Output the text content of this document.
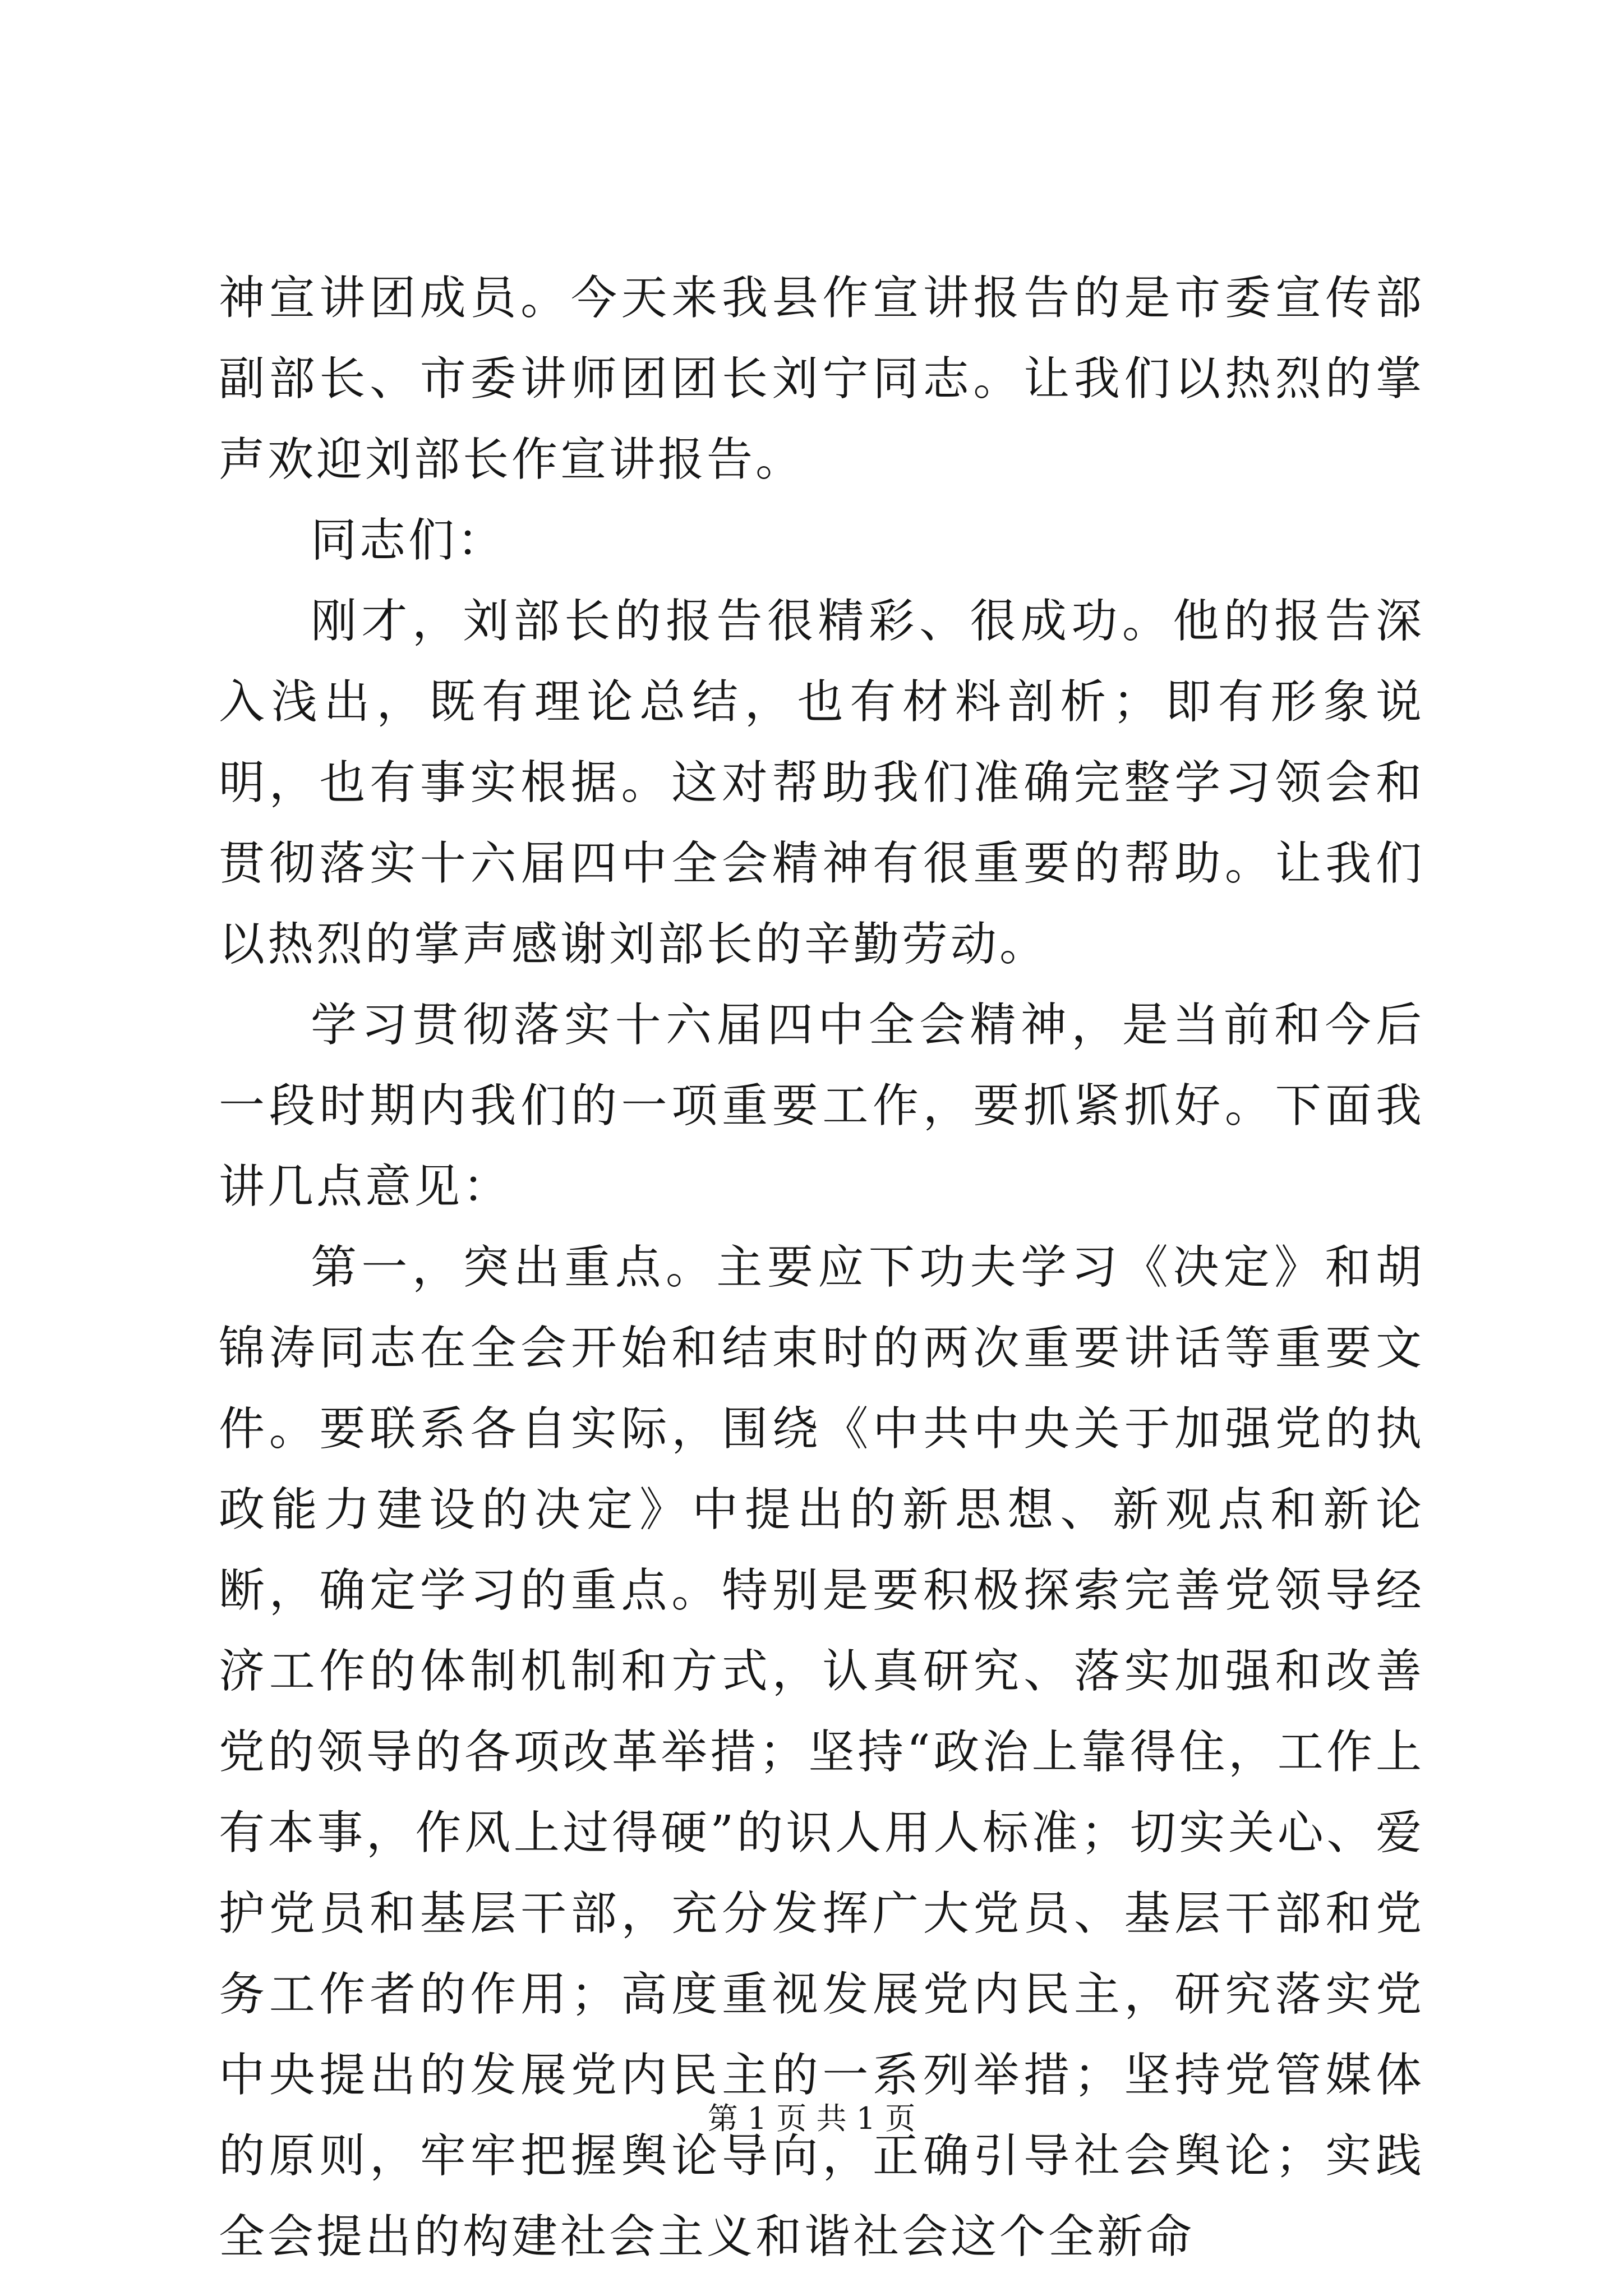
神宣讲团成员。今天来我县作宣讲报告的是市委宣传部副部长、市委讲师团团长刘宁同志。让我们以热烈的掌声欢迎刘部长作宣讲报告。

同志们：

刚才，刘部长的报告很精彩、很成功。他的报告深入浅出，既有理论总结，也有材料剖析；即有形象说明，也有事实根据。这对帮助我们准确完整学习领会和贯彻落实十六届四中全会精神有很重要的帮助。让我们以热烈的掌声感谢刘部长的辛勤劳动。

学习贯彻落实十六届四中全会精神，是当前和今后一段时期内我们的一项重要工作，要抓紧抓好。下面我讲几点意见：

第一，突出重点。主要应下功夫学习《决定》和胡锦涛同志在全会开始和结束时的两次重要讲话等重要文件。要联系各自实际，围绕《中共中央关于加强党的执政能力建设的决定》中提出的新思想、新观点和新论断，确定学习的重点。特别是要积极探索完善党领导经济工作的体制机制和方式，认真研究、落实加强和改善党的领导的各项改革举措；坚持“政治上靠得住，工作上有本事，作风上过得硬”的识人用人标准；切实关心、爱护党员和基层干部，充分发挥广大党员、基层干部和党务工作者的作用；高度重视发展党内民主，研究落实党中央提出的发展党内民主的一系列举措；坚持党管媒体的原则，牢牢把握舆论导向，正确引导社会舆论；实践全会提出的构建社会主义和谐社会这个全新命

第 1 页 共 1 页
